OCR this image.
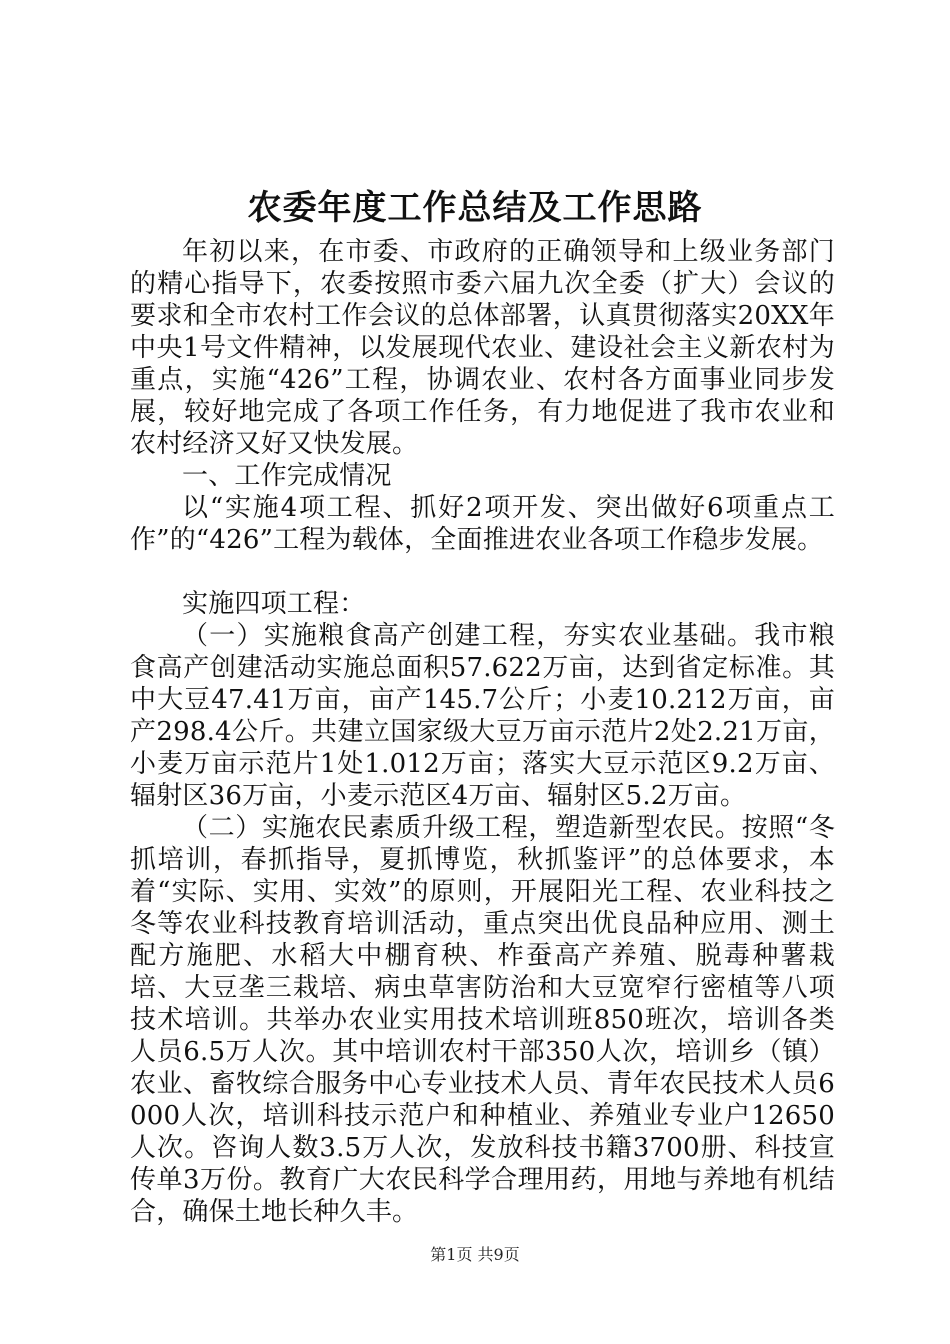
农委年度工作总结及工作思路

年初以来，在市委、市政府的正确领导和上级业务部门的精心指导下，农委按照市委六届九次全委（扩大）会议的要求和全市农村工作会议的总体部署，认真贯彻落实20XX年中央1号文件精神，以发展现代农业、建设社会主义新农村为重点，实施“426”工程，协调农业、农村各方面事业同步发展，较好地完成了各项工作任务，有力地促进了我市农业和农村经济又好又快发展。

一、工作完成情况

以“实施4项工程、抓好2项开发、突出做好6项重点工作”的“426”工程为载体，全面推进农业各项工作稳步发展。

实施四项工程：

（一）实施粮食高产创建工程，夯实农业基础。我市粮食高产创建活动实施总面积57.622万亩，达到省定标准。其中大豆47.41万亩，亩产145.7公斤；小麦10.212万亩，亩产298.4公斤。共建立国家级大豆万亩示范片2处2.21万亩，小麦万亩示范片1处1.012万亩；落实大豆示范区9.2万亩、辐射区36万亩，小麦示范区4万亩、辐射区5.2万亩。

（二）实施农民素质升级工程，塑造新型农民。按照“冬抓培训，春抓指导，夏抓博览，秋抓鉴评”的总体要求，本着“实际、实用、实效”的原则，开展阳光工程、农业科技之冬等农业科技教育培训活动，重点突出优良品种应用、测土配方施肥、水稻大中棚育秧、柞蚕高产养殖、脱毒种薯栽培、大豆垄三栽培、病虫草害防治和大豆宽窄行密植等八项技术培训。共举办农业实用技术培训班850班次，培训各类人员6.5万人次。其中培训农村干部350人次，培训乡（镇）农业、畜牧综合服务中心专业技术人员、青年农民技术人员6000人次，培训科技示范户和种植业、养殖业专业户12650人次。咨询人数3.5万人次，发放科技书籍3700册、科技宣传单3万份。教育广大农民科学合理用药，用地与养地有机结合，确保土地长种久丰。

第1页 共9页
